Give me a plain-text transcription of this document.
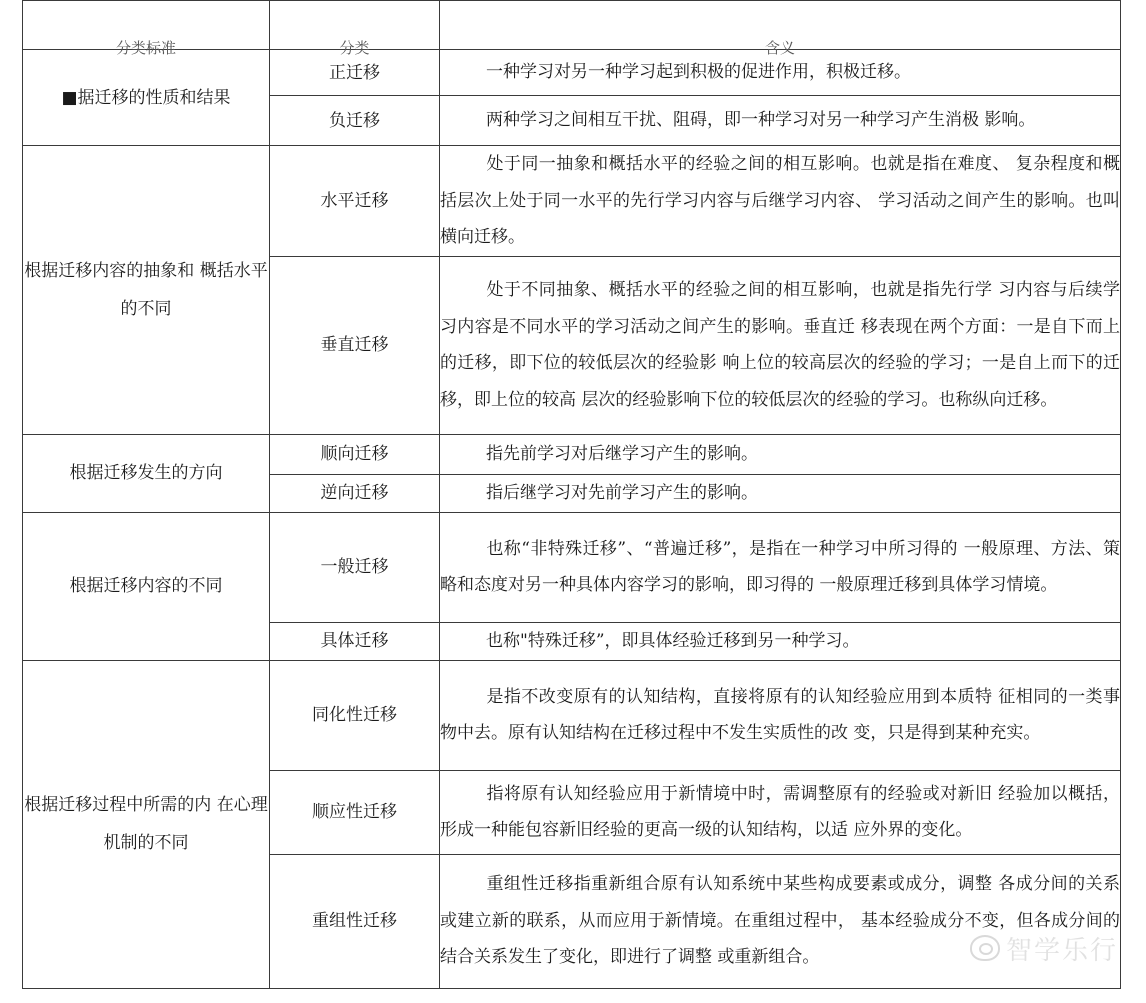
分类标准	分类	含义

■据迁移的性质和结果	正迁移	一种学习对另一种学习起到积极的促进作用，积极迁移。
	负迁移	两种学习之间相互干扰、阻碍，即一种学习对另一种学习产生消极 影响。
根据迁移内容的抽象和 概括水平的不同	水平迁移	处于同一抽象和概括水平的经验之间的相互影响。也就是指在难度、 复杂程度和概括层次上处于同一水平的先行学习内容与后继学习内容、 学习活动之间产生的影响。也叫横向迁移。
	垂直迁移	处于不同抽象、概括水平的经验之间的相互影响，也就是指先行学 习内容与后续学习内容是不同水平的学习活动之间产生的影响。垂直迁 移表现在两个方面：一是自下而上的迁移，即下位的较低层次的经验影 响上位的较高层次的经验的学习；一是自上而下的迁移，即上位的较高 层次的经验影响下位的较低层次的经验的学习。也称纵向迁移。
根据迁移发生的方向	顺向迁移	指先前学习对后继学习产生的影响。
	逆向迁移	指后继学习对先前学习产生的影响。
根据迁移内容的不同	一般迁移	也称“非特殊迁移”、“普遍迁移”，是指在一种学习中所习得的 一般原理、方法、策略和态度对另一种具体内容学习的影响，即习得的 一般原理迁移到具体学习情境。
	具体迁移	也称"特殊迁移”，即具体经验迁移到另一种学习。
根据迁移过程中所需的内 在心理机制的不同	同化性迁移	是指不改变原有的认知结构，直接将原有的认知经验应用到本质特 征相同的一类事物中去。原有认知结构在迁移过程中不发生实质性的改 变，只是得到某种充实。
	顺应性迁移	指将原有认知经验应用于新情境中时，需调整原有的经验或对新旧 经验加以概括，形成一种能包容新旧经验的更高一级的认知结构，以适 应外界的变化。
	重组性迁移	重组性迁移指重新组合原有认知系统中某些构成要素或成分，调整 各成分间的关系或建立新的联系，从而应用于新情境。在重组过程中， 基本经验成分不变，但各成分间的结合关系发生了变化，即进行了调整 或重新组合。	智学乐行
